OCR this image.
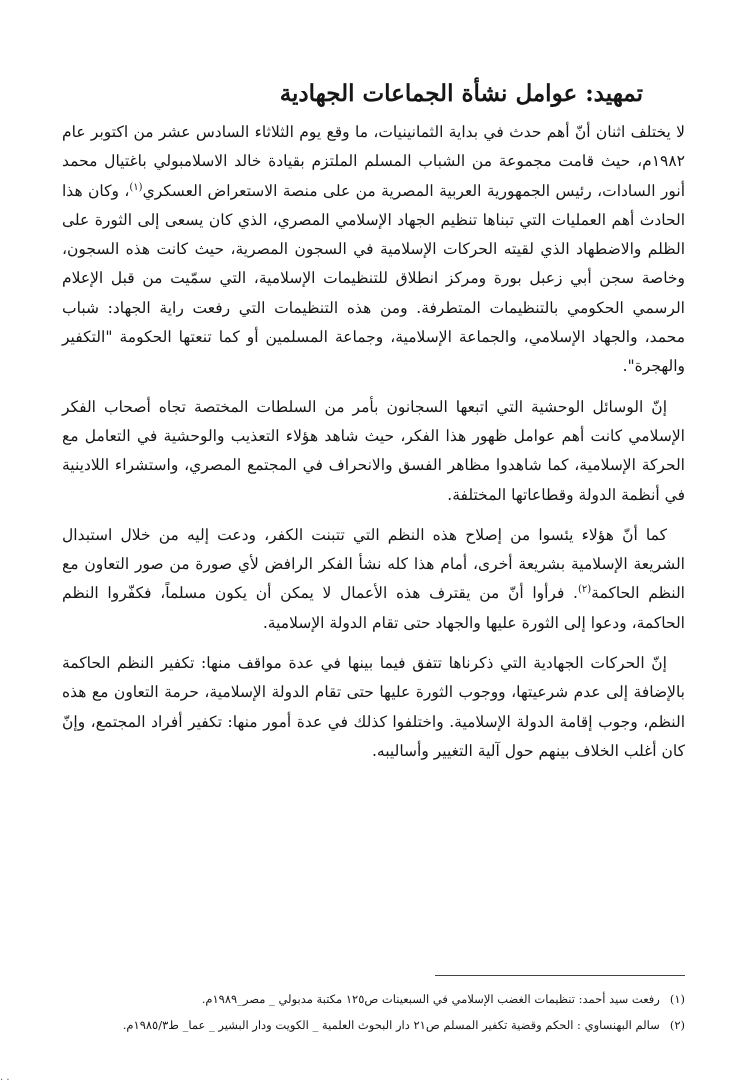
تمهيد: عوامل نشأة الجماعات الجهادية

لا يختلف اثنان أنّ أهم حدث في بداية الثمانينيات، ما وقع يوم الثلاثاء السادس عشر من اكتوبر عام ١٩٨٢م، حيث قامت مجموعة من الشباب المسلم الملتزم بقيادة خالد الاسلامبولي باغتيال محمد أنور السادات، رئيس الجمهورية العربية المصرية من على منصة الاستعراض العسكري$^{(١)}$، وكان هذا الحادث أهم العمليات التي تبناها تنظيم الجهاد الإسلامي المصري، الذي كان يسعى إلى الثورة على الظلم والاضطهاد الذي لقيته الحركات الإسلامية في السجون المصرية، حيث كانت هذه السجون، وخاصة سجن أبي زعبل بورة ومركز انطلاق للتنظيمات الإسلامية، التي سمّيت من قبل الإعلام الرسمي الحكومي بالتنظيمات المتطرفة. ومن هذه التنظيمات التي رفعت راية الجهاد: شباب محمد، والجهاد الإسلامي، والجماعة الإسلامية، وجماعة المسلمين أو كما تنعتها الحكومة "التكفير والهجرة".

إنّ الوسائل الوحشية التي اتبعها السجانون بأمر من السلطات المختصة تجاه أصحاب الفكر الإسلامي كانت أهم عوامل ظهور هذا الفكر، حيث شاهد هؤلاء التعذيب والوحشية في التعامل مع الحركة الإسلامية، كما شاهدوا مظاهر الفسق والانحراف في المجتمع المصري، واستشراء اللادينية في أنظمة الدولة وقطاعاتها المختلفة.

كما أنّ هؤلاء يئسوا من إصلاح هذه النظم التي تتبنت الكفر، ودعت إليه من خلال استبدال الشريعة الإسلامية بشريعة أخرى، أمام هذا كله نشأ الفكر الرافض لأي صورة من صور التعاون مع النظم الحاكمة$^{(٢)}$. فرأوا أنّ من يقترف هذه الأعمال لا يمكن أن يكون مسلماً، فكفّروا النظم الحاكمة، ودعوا إلى الثورة عليها والجهاد حتى تقام الدولة الإسلامية.

إنّ الحركات الجهادية التي ذكرناها تتفق فيما بينها في عدة مواقف منها: تكفير النظم الحاكمة بالإضافة إلى عدم شرعيتها، ووجوب الثورة عليها حتى تقام الدولة الإسلامية، حرمة التعاون مع هذه النظم، وجوب إقامة الدولة الإسلامية. واختلفوا كذلك في عدة أمور منها: تكفير أفراد المجتمع، وإنّ كان أغلب الخلاف بينهم حول آلية التغيير وأساليبه.

(١)رفعت سيد أحمد: تنظيمات الغضب الإسلامي في السبعينات ص١٢٥ مكتبة مدبولي _ مصر_١٩٨٩م.

(٢)سالم البهنساوي : الحكم وقضية تكفير المسلم ص٢١ دار البحوث العلمية _ الكويت ودار البشير _ عما_ ط١٩٨٥/٣م.

. .
